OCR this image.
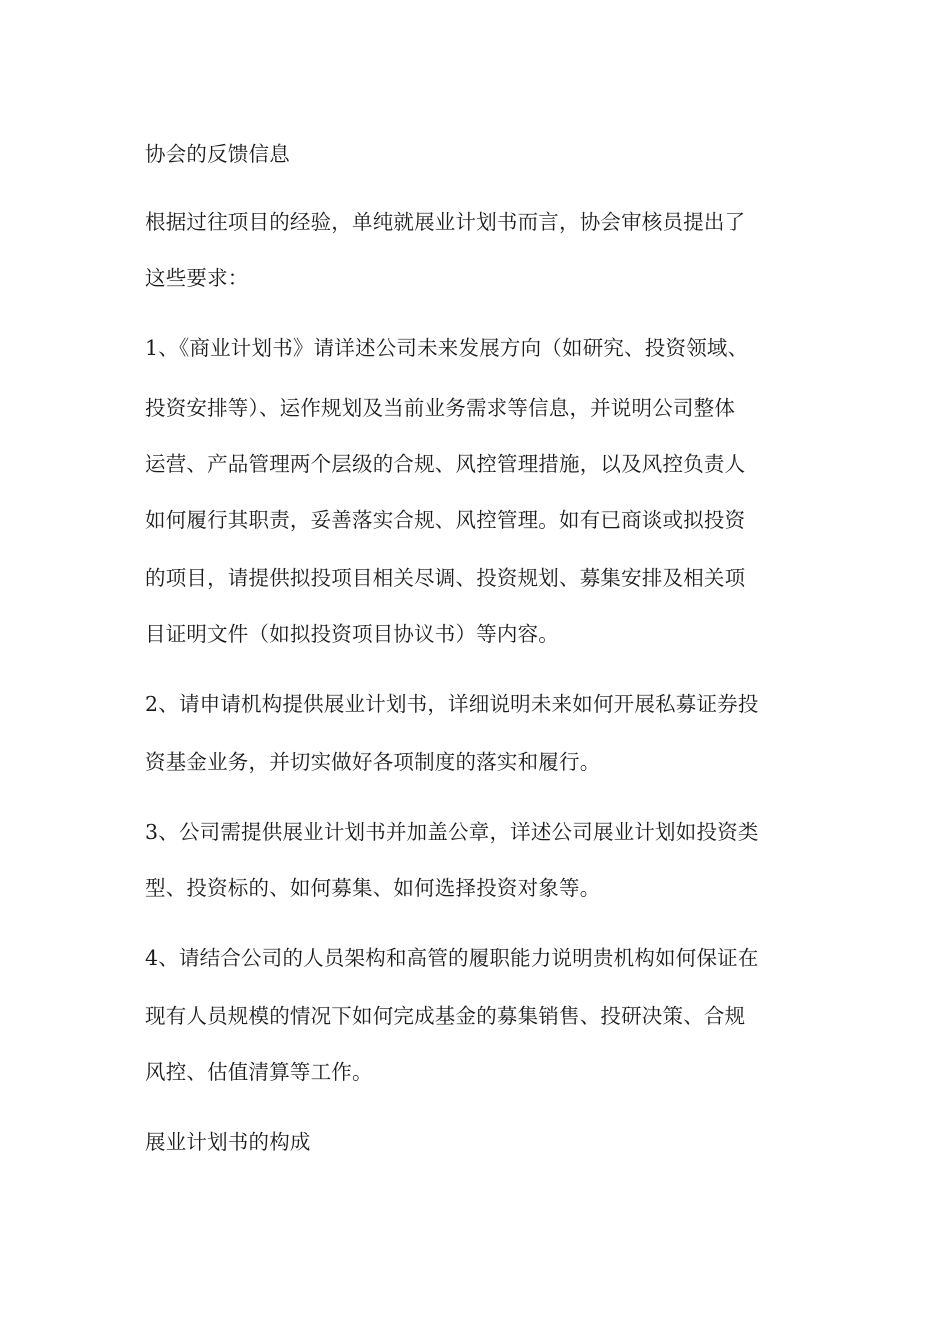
协会的反馈信息
根据过往项目的经验，单纯就展业计划书而言，协会审核员提出了
这些要求：
1、《商业计划书》请详述公司未来发展方向（如研究、投资领域、
投资安排等）、运作规划及当前业务需求等信息，并说明公司整体
运营、产品管理两个层级的合规、风控管理措施，以及风控负责人
如何履行其职责，妥善落实合规、风控管理。如有已商谈或拟投资
的项目，请提供拟投项目相关尽调、投资规划、募集安排及相关项
目证明文件（如拟投资项目协议书）等内容。
2、请申请机构提供展业计划书，详细说明未来如何开展私募证券投
资基金业务，并切实做好各项制度的落实和履行。
3、公司需提供展业计划书并加盖公章，详述公司展业计划如投资类
型、投资标的、如何募集、如何选择投资对象等。
4、请结合公司的人员架构和高管的履职能力说明贵机构如何保证在
现有人员规模的情况下如何完成基金的募集销售、投研决策、合规
风控、估值清算等工作。
展业计划书的构成
